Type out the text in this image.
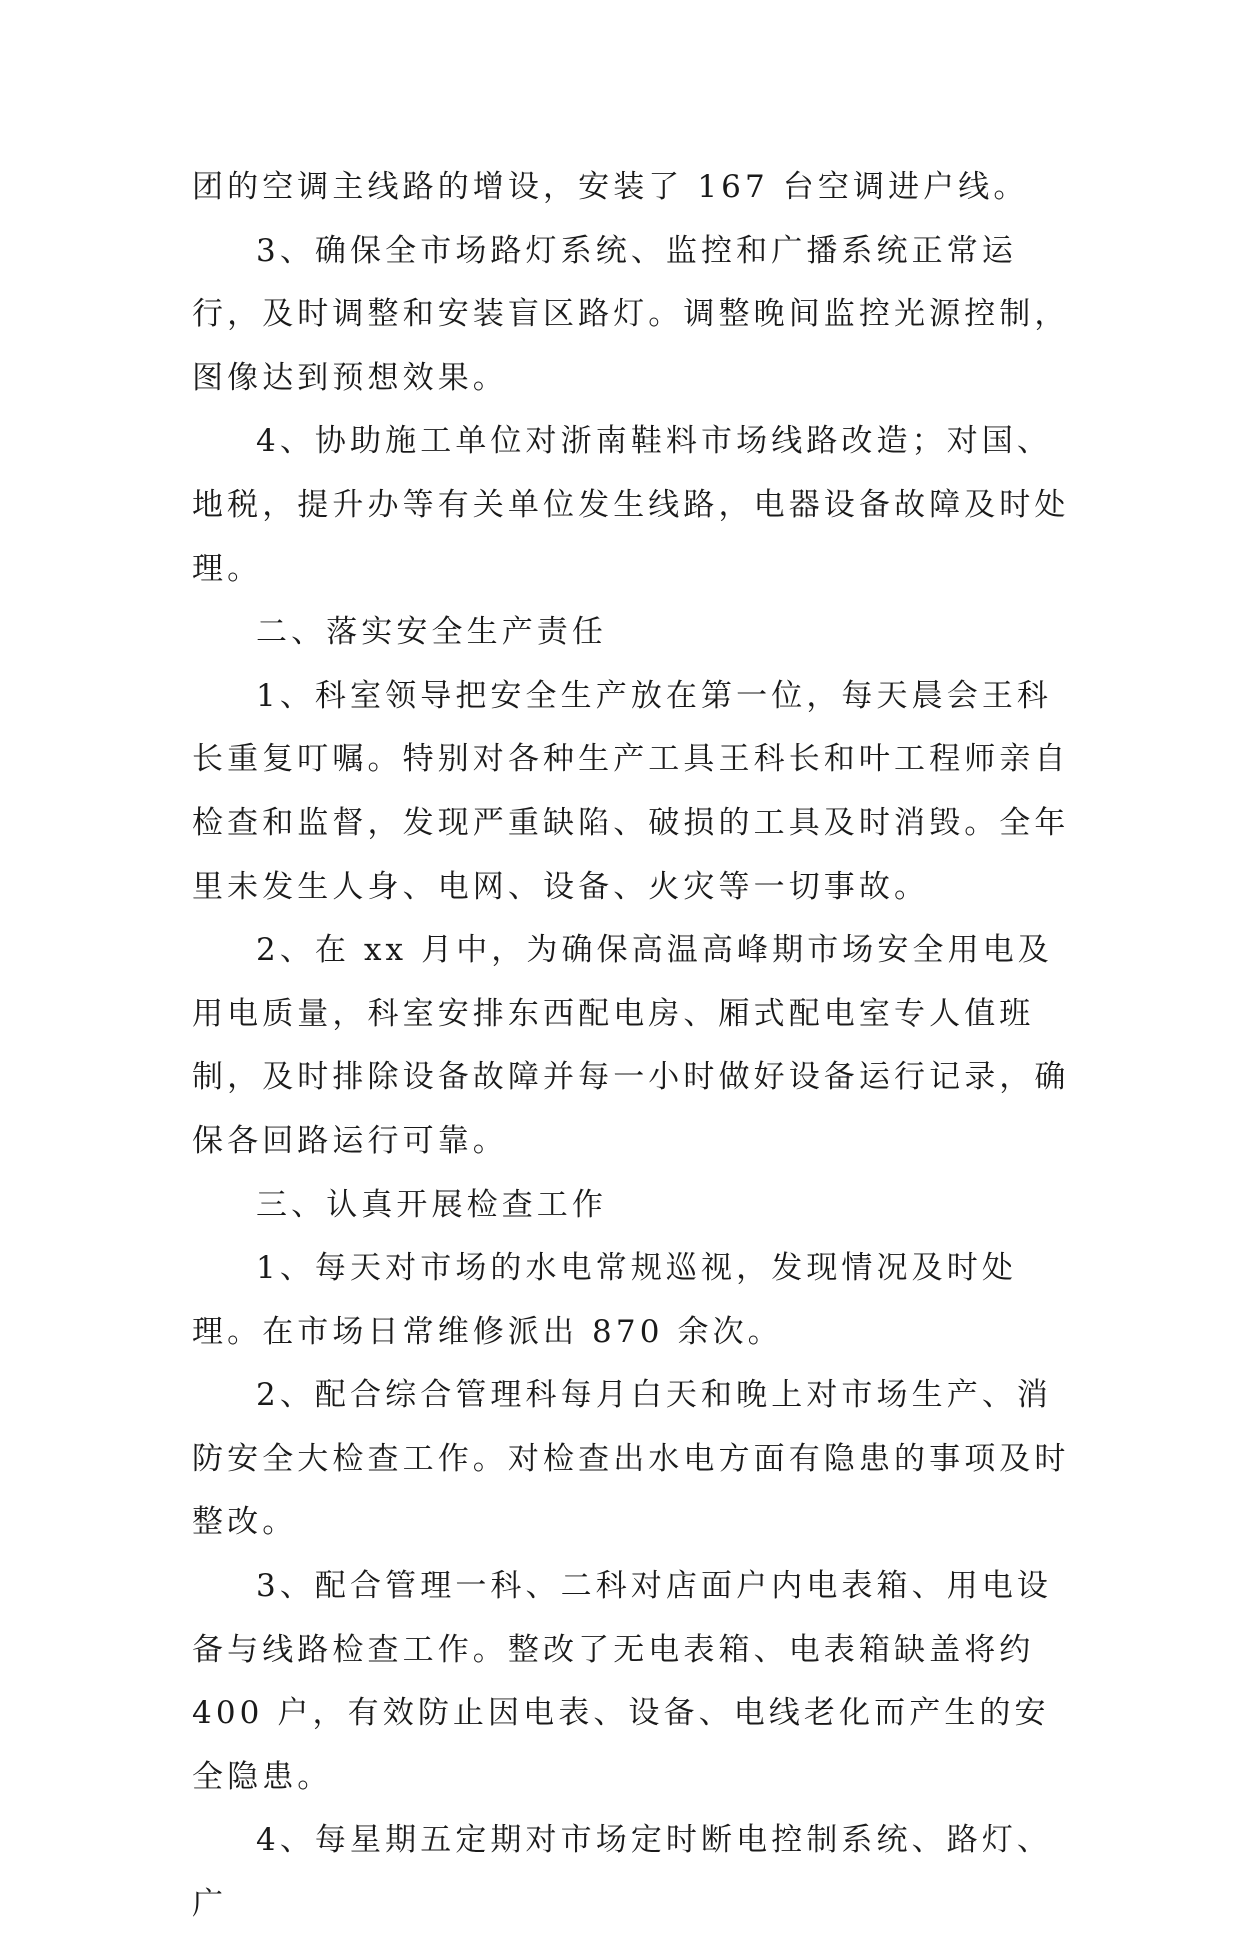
团的空调主线路的增设，安装了 167 台空调进户线。

3、确保全市场路灯系统、监控和广播系统正常运行，及时调整和安装盲区路灯。调整晚间监控光源控制，图像达到预想效果。

4、协助施工单位对浙南鞋料市场线路改造；对国、地税，提升办等有关单位发生线路，电器设备故障及时处理。

二、落实安全生产责任

1、科室领导把安全生产放在第一位，每天晨会王科长重复叮嘱。特别对各种生产工具王科长和叶工程师亲自检查和监督，发现严重缺陷、破损的工具及时消毁。全年里未发生人身、电网、设备、火灾等一切事故。

2、在 xx 月中，为确保高温高峰期市场安全用电及用电质量，科室安排东西配电房、厢式配电室专人值班制，及时排除设备故障并每一小时做好设备运行记录，确保各回路运行可靠。

三、认真开展检查工作

1、每天对市场的水电常规巡视，发现情况及时处理。在市场日常维修派出 870 余次。

2、配合综合管理科每月白天和晚上对市场生产、消防安全大检查工作。对检查出水电方面有隐患的事项及时整改。

3、配合管理一科、二科对店面户内电表箱、用电设备与线路检查工作。整改了无电表箱、电表箱缺盖将约 400 户，有效防止因电表、设备、电线老化而产生的安全隐患。

4、每星期五定期对市场定时断电控制系统、路灯、广
